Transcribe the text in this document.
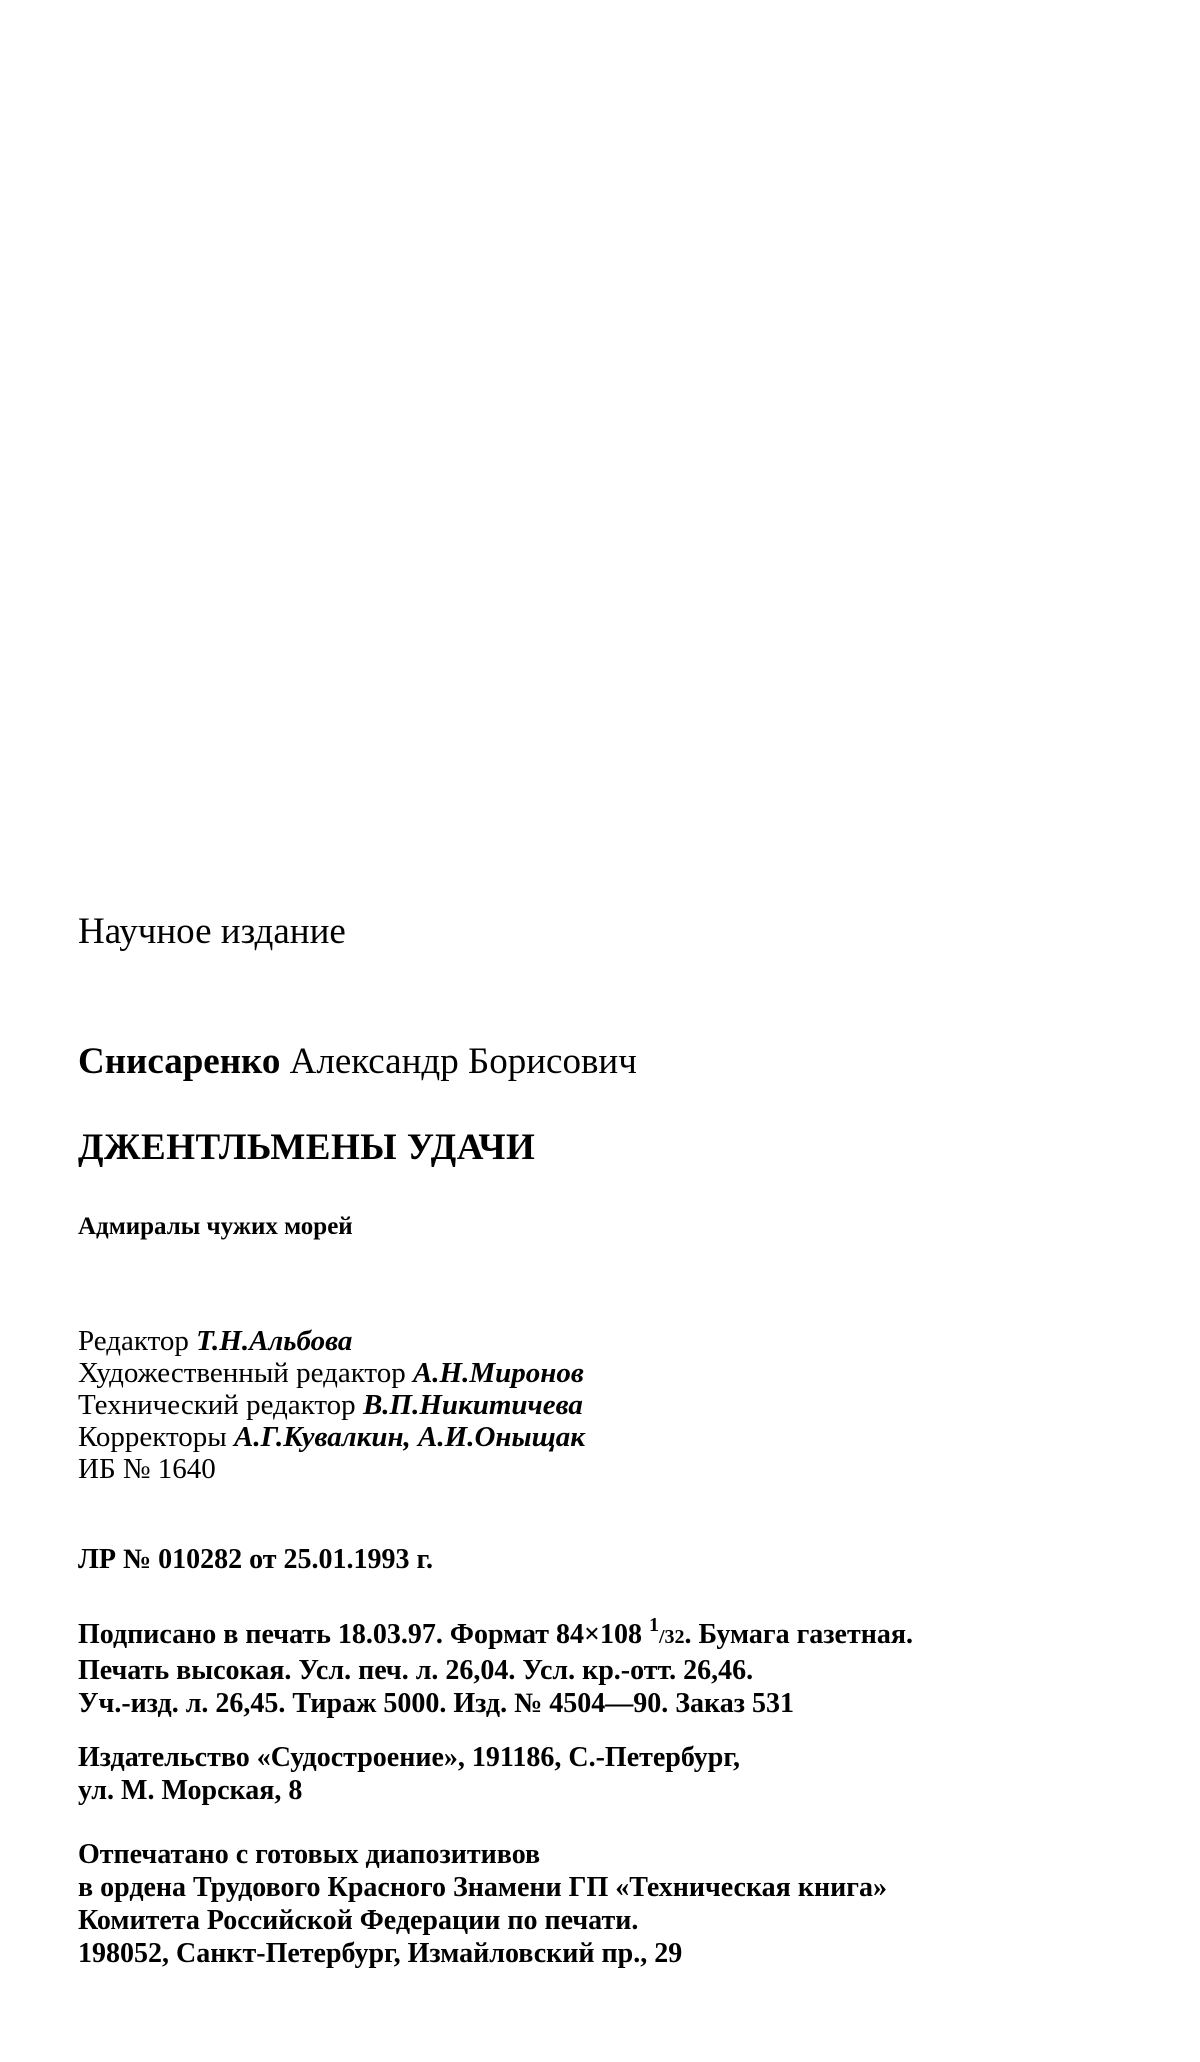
Научное издание
Снисаренко Александр Борисович
ДЖЕНТЛЬМЕНЫ УДАЧИ
Адмиралы чужих морей
Редактор Т.Н.Альбова
Художественный редактор А.Н.Миронов
Технический редактор В.П.Никитичева
Корректоры А.Г.Кувалкин, А.И.Оныщак
ИБ № 1640
ЛР № 010282 от 25.01.1993 г.
Подписано в печать 18.03.97. Формат 84×108 $^1$/32. Бумага газетная.
Печать высокая. Усл. печ. л. 26,04. Усл. кр.-отт. 26,46.
Уч.-изд. л. 26,45. Тираж 5000. Изд. № 4504—90. Заказ 531
Издательство «Судостроение», 191186, С.-Петербург,
ул. М. Морская, 8
Отпечатано с готовых диапозитивов
в ордена Трудового Красного Знамени ГП «Техническая книга»
Комитета Российской Федерации по печати.
198052, Санкт-Петербург, Измайловский пр., 29
